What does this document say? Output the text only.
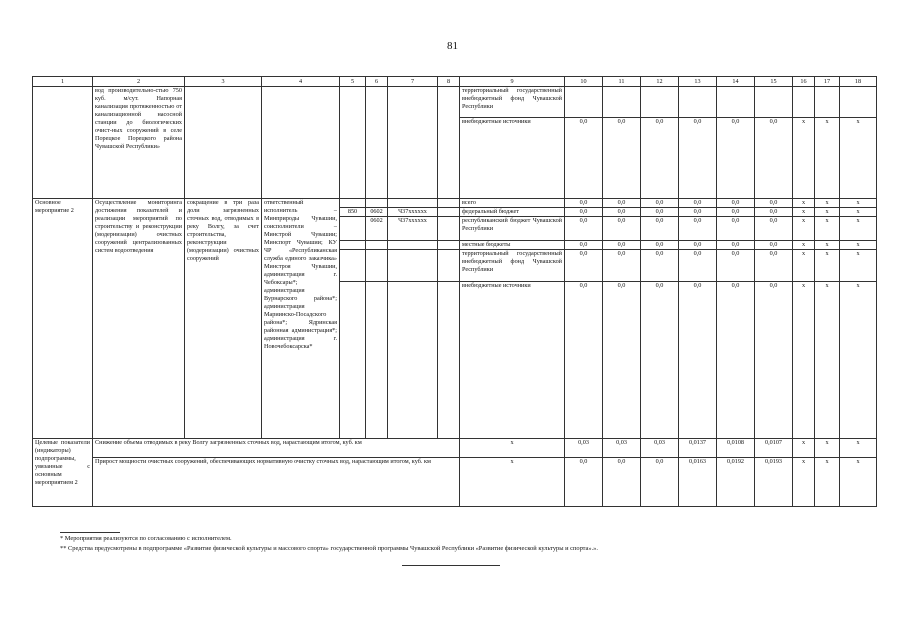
81
1	2	3	4	5	6	7	8	9	10	11	12	13	14	15	16	17	18
	вод производительно-стью 750 куб. м/сут. Напорная канализация протяженностью от канализационной насосной станции до биологических очист-ных сооружений в селе Порецкое Порецкого района Чувашской Республики»							территориальный государственный внебюджетный фонд Чувашской Республики									
								внебюджетные источники	0,0	0,0	0,0	0,0	0,0	0,0	x	x	x
Основное мероприятие 2	Осуществление мониторинга достижения показателей и реализации мероприятий по строительству и реконструкции (модернизации) очистных сооружений централизованных систем водоотведения	сокращение в три раза доли загрязненных сточных вод, отводимых в реку Волгу, за счет строительства, реконструкции (модернизации) очистных сооружений	ответственный исполнитель – Минприроды Чувашии, соисполнители – Минстрой Чувашии; Минспорт Чувашии; КУ ЧР «Республиканская служба единого заказчика» Минстроя Чувашии, администрация г. Чебоксары*; администрация Вурнарского района*; администрация Мариинско-Посадского района*; Ядринская районная администрация*; администрация г. Новочебоксарска*					всего	0,0	0,0	0,0	0,0	0,0	0,0	x	x	x
				850	0602	Ч37xxxxxx		федеральный бюджет	0,0	0,0	0,0	0,0	0,0	0,0	x	x	x
					0602	Ч37xxxxxx		республиканский бюджет Чувашской Республики	0,0	0,0	0,0	0,0	0,0	0,0	x	x	x
								местные бюджеты	0,0	0,0	0,0	0,0	0,0	0,0	x	x	x
								территориальный государственный внебюджетный фонд Чувашской Республики	0,0	0,0	0,0	0,0	0,0	0,0	x	x	x
								внебюджетные источники	0,0	0,0	0,0	0,0	0,0	0,0	x	x	x
Целевые показатели (индикаторы) подпрограммы, увязанные с основным мероприятием 2	Снижение объема отводимых в реку Волгу загрязненных сточных вод, нарастающим итогом, куб. км							x	0,03	0,03	0,03	0,0137	0,0108	0,0107	x	x	x
	Прирост мощности очистных сооружений, обеспечивающих нормативную очистку сточных вод, нарастающим итогом, куб. км							x	0,0	0,0	0,0	0,0163	0,0192	0,0193	x	x	x
* Мероприятия реализуются по согласованию с исполнителем.
** Средства предусмотрены в подпрограмме «Развитие физической культуры и массового спорта» государственной программы Чувашской Республики «Развитие физической культуры и спорта».».
